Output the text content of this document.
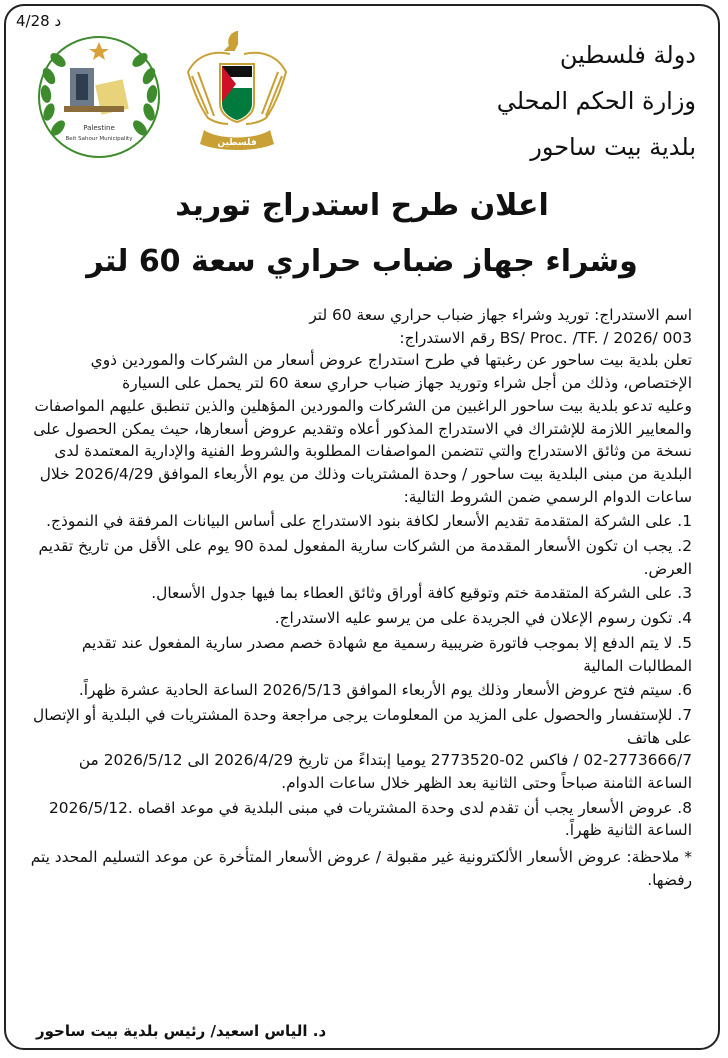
4/28 د
Palestine
Beit Sahour Municipality	فلسطين
دولة فلسطين
وزارة الحكم المحلي
بلدية بيت ساحور
اعلان طرح استدراج توريد
وشراء جهاز ضباب حراري سعة 60 لتر

اسم الاستدراج: توريد وشراء جهاز ضباب حراري سعة 60 لتر

BS/ Proc. /TF. / 2026/ 003 رقم الاستدراج:

تعلن بلدية بيت ساحور عن رغبتها في طرح استدراج عروض أسعار من الشركات والموردين ذوي الإختصاص، وذلك من أجل شراء وتوريد جهاز ضباب حراري سعة 60 لتر يحمل على السيارة

وعليه تدعو بلدية بيت ساحور الراغبين من الشركات والموردين المؤهلين والذين تنطبق عليهم المواصفات والمعايير اللازمة للإشتراك في الاستدراج المذكور أعلاه وتقديم عروض أسعارها، حيث يمكن الحصول على نسخة من وثائق الاستدراج والتي تتضمن المواصفات المطلوبة والشروط الفنية والإدارية المعتمدة لدى البلدية من مبنى البلدية بيت ساحور / وحدة المشتريات وذلك من يوم الأربعاء الموافق 2026/4/29 خلال ساعات الدوام الرسمي ضمن الشروط التالية:

1. على الشركة المتقدمة تقديم الأسعار لكافة بنود الاستدراج على أساس البيانات المرفقة في النموذج.

2. يجب ان تكون الأسعار المقدمة من الشركات سارية المفعول لمدة 90 يوم على الأقل من تاريخ تقديم العرض.

3. على الشركة المتقدمة ختم وتوقيع كافة أوراق وثائق العطاء بما فيها جدول الأسعال.

4. تكون رسوم الإعلان في الجريدة على من يرسو عليه الاستدراج.

5. لا يتم الدفع إلا بموجب فاتورة ضريبية رسمية مع شهادة خصم مصدر سارية المفعول عند تقديم المطالبات المالية

6. سيتم فتح عروض الأسعار وذلك يوم الأربعاء الموافق 2026/5/13 الساعة الحادية عشرة ظهراً.

7. للإستفسار والحصول على المزيد من المعلومات يرجى مراجعة وحدة المشتريات في البلدية أو الإتصال على هاتف

02-2773666/7 / فاكس 02-2773520 يوميا إبتداءً من تاريخ 2026/4/29 الى 2026/5/12 من الساعة الثامنة صباحاً وحتى الثانية بعد الظهر خلال ساعات الدوام.

8. عروض الأسعار يجب أن تقدم لدى وحدة المشتريات في مبنى البلدية في موعد اقصاه .2026/5/12 الساعة الثانية ظهراً.

* ملاحظة: عروض الأسعار الألكترونية غير مقبولة / عروض الأسعار المتأخرة عن موعد التسليم المحدد يتم رفضها.

د. الياس اسعيد/ رئيس بلدية بيت ساحور
